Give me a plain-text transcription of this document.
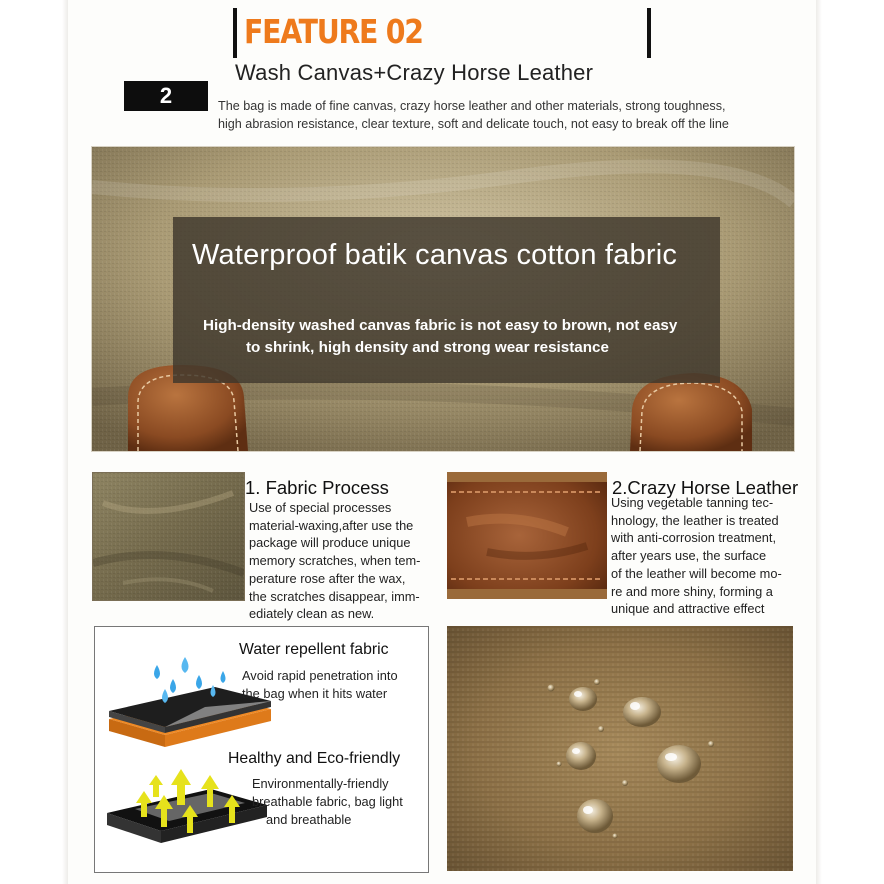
FEATURE 02
Wash Canvas+Crazy Horse Leather
2	The bag is made of fine canvas, crazy horse leather and other materials, strong toughness,
high abrasion resistance, clear texture, soft and delicate touch, not easy to break off the line
Waterproof batik canvas cotton fabric
High-density washed canvas fabric is not easy to brown, not easy
to shrink, high density and strong wear resistance
1. Fabric Process
Use of special processes
material-waxing,after use the
package will produce unique
memory scratches, when tem-
perature rose after the wax,
the scratches disappear, imm-
ediately clean as new.
2.Crazy Horse Leather
Using vegetable tanning tec-
hnology, the leather is treated
with anti-corrosion treatment,
after years use, the surface
of the leather will become mo-
re and more shiny, forming a
unique and attractive effect
Water repellent fabric
Avoid rapid penetration into
the bag when it hits water
Healthy and Eco-friendly
Environmentally-friendly
breathable fabric, bag light
and breathable
